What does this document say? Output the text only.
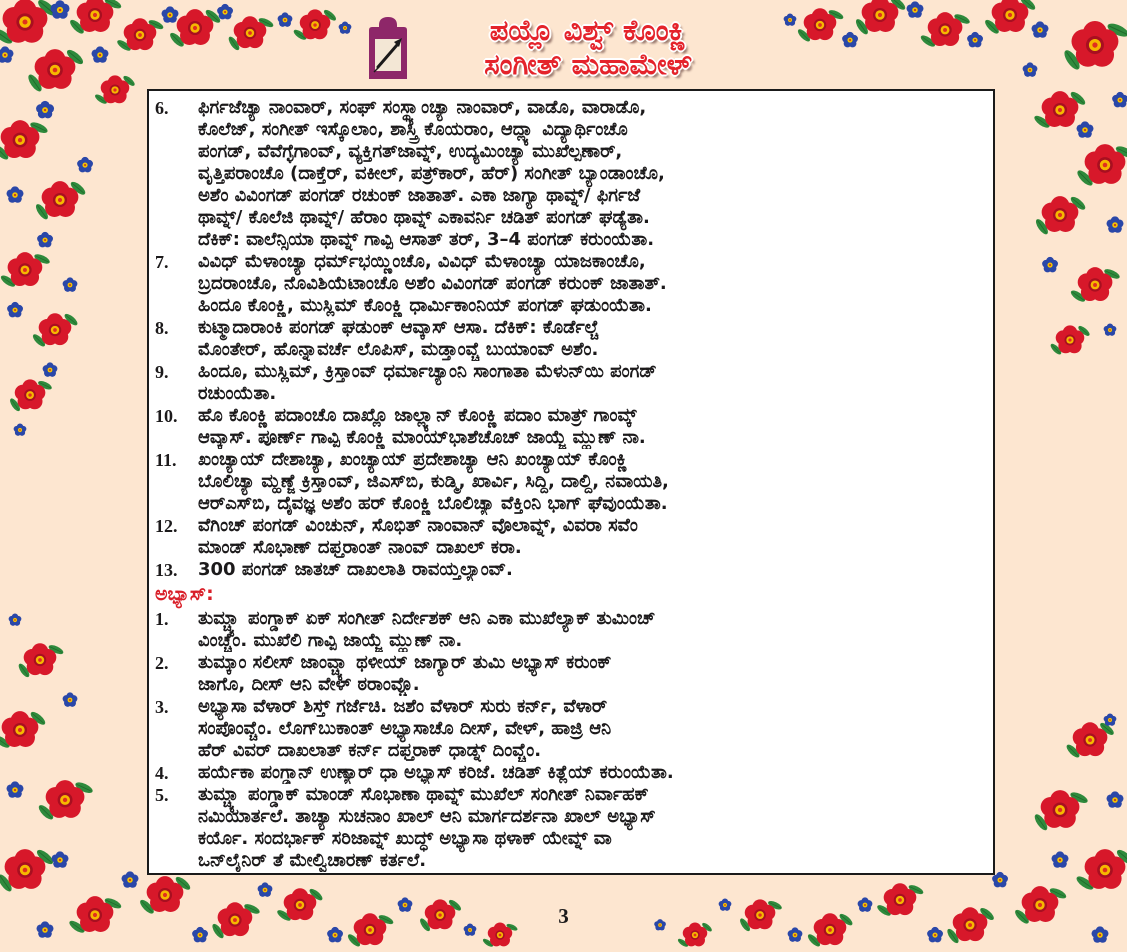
ಪಯ್ಲೊ ವಿಶ್ವ್ ಕೊಂಕ್ಣಿ
ಸಂಗೀತ್ ಮಹಾಮೇಳ್
6.	ಫಿರ್ಗಜೆಚ್ಯಾ ನಾಂವಾರ್, ಸಂಘ್ ಸಂಸ್ಥ್ಯಾಂಚ್ಯಾ ನಾಂವಾರ್, ವಾಡೊ, ವಾರಾಡೊ,
ಕೊಲೆಜ್, ಸಂಗೀತ್ ಇಸ್ಕೊಲಾಂ, ಶಾಸ್ತ್ರಿ ಕೊಯರಾಂ, ಆದ್ಲ್ಯಾ ವಿದ್ಯಾರ್ಥಿಂಚೊ
ಪಂಗಡ್, ವೆವೆಗ್ಳೆಗಾಂವ್, ವ್ಯಕ್ತಿಗತ್‌ಜಾವ್ನ್, ಉದ್ಯಮಿಂಚ್ಯಾ ಮುಖೆಲ್ಪಣಾರ್,
ವೃತ್ತಿಪರಾಂಚೊ (ದಾಕ್ತೆರ್, ವಕೀಲ್, ಪತ್ರ್‌ಕಾರ್, ಹೆರ್) ಸಂಗೀತ್ ಬ್ಯಾಂಡಾಂಚೊ,
ಅಶೆಂ ವಿವಿಂಗಡ್ ಪಂಗಡ್ ರಚುಂಕ್ ಜಾತಾತ್. ಎಕಾ ಜಾಗ್ಯಾ ಥಾವ್ನ್/ ಫಿರ್ಗಜೆ
ಥಾವ್ನ್/ ಕೊಲೆಜಿ ಥಾವ್ನ್/ ಹೆರಾಂ ಥಾವ್ನ್ ಎಕಾವರ್ನಿ ಚಡಿತ್ ಪಂಗಡ್ ಘಡ್ಯೆತಾ.
ದೆಕಿಕ್: ವಾಲೆನ್ಸಿಯಾ ಥಾವ್ನ್ ಗಾವ್ಪಿ ಆಸಾತ್ ತರ್, 3–4 ಪಂಗಡ್ ಕರುಂಯೆತಾ.
7.	ವಿವಿಧ್ ಮೆಳಾಂಚ್ಯಾ ಧರ್ಮ್‌ಭಯ್ಣಿಂಚೊ, ವಿವಿಧ್ ಮೆಳಾಂಚ್ಯಾ ಯಾಜಕಾಂಚೊ,
ಬ್ರದರಾಂಚೊ, ನೊವಿಶಿಯೆಟಾಂಚೊ ಅಶೆಂ ವಿವಿಂಗಡ್ ಪಂಗಡ್ ಕರುಂಕ್ ಜಾತಾತ್.
ಹಿಂದೂ ಕೊಂಕ್ಣಿ, ಮುಸ್ಲಿಮ್ ಕೊಂಕ್ಣಿ ಧಾರ್ಮಿಕಾಂನಿಯ್ ಪಂಗಡ್ ಘಡುಂಯೆತಾ.
8.	ಕುಟ್ಮಾದಾರಾಂಕಿ ಪಂಗಡ್ ಘಡುಂಕ್ ಆವ್ಕಾಸ್ ಆಸಾ. ದೆಕಿಕ್: ಕೊರ್ಡೆಲ್ಚೆ
ಮೊಂತೇರ್, ಹೊನ್ನಾವರ್ಚೆ ಲೊಪಿಸ್, ಮಡ್ತಾಂವ್ಚೆ ಬುಯಾಂವ್ ಅಶೆಂ.
9.	ಹಿಂದೂ, ಮುಸ್ಲಿಮ್, ಕ್ರಿಸ್ತಾಂವ್ ಧರ್ಮಾಚ್ಯಾಂನಿ ಸಾಂಗಾತಾ ಮೆಳುನ್‌ಯಿ ಪಂಗಡ್
ರಚುಂಯೆತಾ.
10.	ಹೊ ಕೊಂಕ್ಣಿ ಪದಾಂಚೊ ದಾಖ್ಲೊ ಜಾಲ್ಲ್ಯಾನ್ ಕೊಂಕ್ಣಿ ಪದಾಂ ಮಾತ್ರ್ ಗಾಂವ್ಕ್
ಆವ್ಕಾಸ್. ಪೂರ್ಣ್ ಗಾವ್ಪಿ ಕೊಂಕ್ಣಿ ಮಾಂಯ್‌ಭಾಶೆಚೊಚ್ ಜಾಯ್ಜೆ ಮ್ಹುಣ್ ನಾ.
11.	ಖಂಚ್ಯಾಯ್ ದೇಶಾಚ್ಯಾ, ಖಂಚ್ಯಾಯ್ ಪ್ರದೇಶಾಚ್ಯಾ ಆನಿ ಖಂಚ್ಯಾಯ್ ಕೊಂಕ್ಣಿ
ಬೊಲಿಚ್ಯಾ ಮ್ಹಣ್ಜೆ ಕ್ರಿಸ್ತಾಂವ್, ಜಿಎಸ್‌ಬಿ, ಕುಡ್ಮಿ, ಖಾರ್ವಿ, ಸಿದ್ದಿ, ದಾಲ್ದಿ, ನವಾಯತಿ,
ಆರ್‌ಎಸ್‌ಬಿ, ದೈವಜ್ಞ ಅಶೆಂ ಹರ್ ಕೊಂಕ್ಣಿ ಬೊಲಿಚ್ಯಾ ವೆಕ್ತಿಂನಿ ಭಾಗ್ ಘೆವುಂಯೆತಾ.
12.	ವೆಗಿಂಚ್ ಪಂಗಡ್ ವಿಂಚುನ್, ಸೊಭಿತ್ ನಾಂವಾನ್ ವೊಲಾವ್ನ್, ವಿವರಾ ಸವೆಂ
ಮಾಂಡ್ ಸೊಭಾಣ್ ದಫ್ತರಾಂತ್ ನಾಂವ್ ದಾಖಲ್ ಕರಾ.
13.	300 ಪಂಗಡ್ ಜಾತಚ್ ದಾಖಲಾತಿ ರಾವಯ್ತಲ್ಯಾಂವ್.
ಅಭ್ಯಾಸ್:
1.	ತುಮ್ಚ್ಯಾ ಪಂಗ್ಡಾಕ್ ಏಕ್ ಸಂಗೀತ್ ನಿರ್ದೇಶಕ್ ಆನಿ ಎಕಾ ಮುಖೆಲ್ಯಾಕ್ ತುಮಿಂಚ್
ವಿಂಚ್ಚೆಂ. ಮುಖೆಲಿ ಗಾವ್ಪಿ ಜಾಯ್ಜೆ ಮ್ಹುಣ್ ನಾ.
2.	ತುಮ್ಕಾಂ ಸಲೀಸ್ ಜಾಂವ್ಚ್ಯಾ ಥಳೀಯ್ ಜಾಗ್ಯಾರ್ ತುಮಿ ಅಭ್ಯಾಸ್ ಕರುಂಕ್
ಜಾಗೊ, ದೀಸ್ ಆನಿ ವೇಳ್ ಠರಾಂವ್ಚೊ.
3.	ಅಭ್ಯಾಸಾ ವೆಳಾರ್ ಶಿಸ್ತ್ ಗರ್ಜೆಚಿ. ಜಶೆಂ ವೆಳಾರ್ ಸುರು ಕರ್ನ್, ವೆಳಾರ್
ಸಂಪೊಂವ್ಚೆಂ. ಲೊಗ್‌ಬುಕಾಂತ್ ಅಭ್ಯಾಸಾಚೊ ದೀಸ್, ವೇಳ್, ಹಾಜ್ರಿ ಆನಿ
ಹೆರ್ ವಿವರ್ ದಾಖಲಾತ್ ಕರ್ನ್ ದಫ್ತರಾಕ್ ಧಾಡ್ನ್ ದಿಂವ್ಚೆಂ.
4.	ಹರ್ಯೆಕಾ ಪಂಗ್ಡಾನ್ ಉಣ್ಯಾರ್ ಧಾ ಅಭ್ಯಾಸ್ ಕರಿಜೆ. ಚಡಿತ್ ಕಿತ್ಲೆಯ್ ಕರುಂಯೆತಾ.
5.	ತುಮ್ಚ್ಯಾ ಪಂಗ್ಡಾಕ್ ಮಾಂಡ್ ಸೊಭಾಣಾ ಥಾವ್ನ್ ಮುಖೆಲ್ ಸಂಗೀತ್ ನಿರ್ವಾಹಕ್
ನಮಿಯಾರ್ತಲೆ. ತಾಚ್ಯಾ ಸುಚನಾಂ ಖಾಲ್ ಆನಿ ಮಾರ್ಗದರ್ಶನಾ ಖಾಲ್ ಅಭ್ಯಾಸ್
ಕರ್ಯೊ. ಸಂದರ್ಭಾಕ್ ಸರಿಜಾವ್ನ್ ಖುದ್ಧ್ ಅಭ್ಯಾಸಾ ಥಳಾಕ್ ಯೇವ್ನ್ ವಾ
ಒನ್‌ಲೈನಿರ್ ತೆ ಮೇಲ್ವಿಚಾರಣ್ ಕರ್ತಲೆ.
3
